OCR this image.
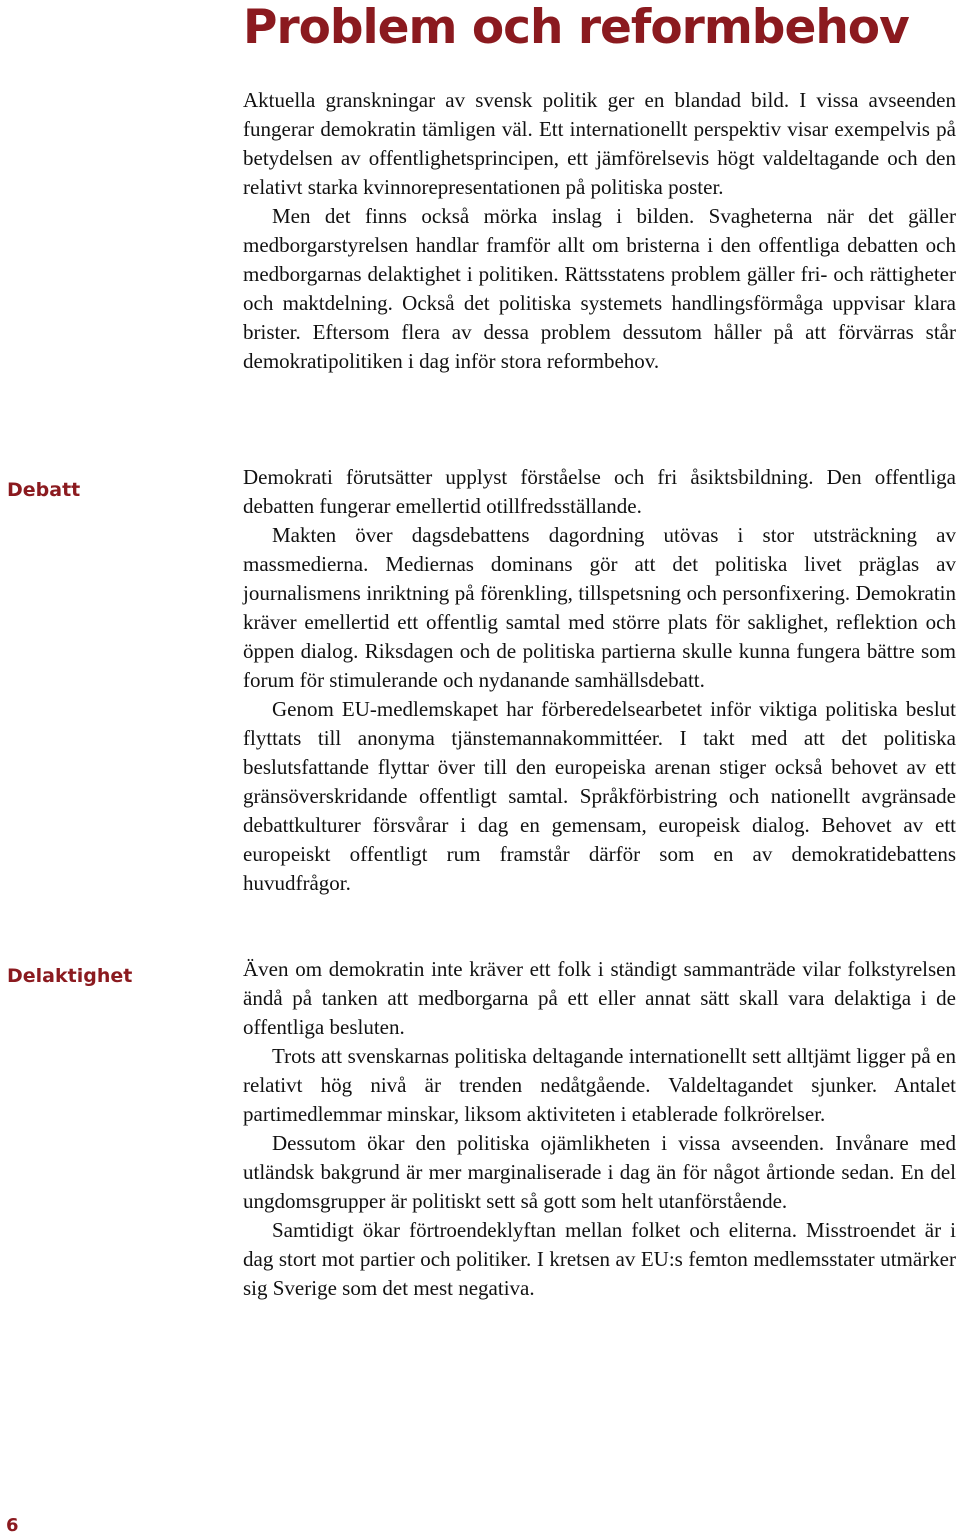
Problem och reformbehov

Aktuella granskningar av svensk politik ger en blandad bild. I vissa avseenden fungerar demokratin tämligen väl. Ett internationellt perspektiv visar exempelvis på betydelsen av offentlighetsprincipen, ett jämförelsevis högt valdeltagande och den relativt starka kvinnorepresentationen på politiska poster.

Men det finns också mörka inslag i bilden. Svagheterna när det gäller medborgarstyrelsen handlar framför allt om bristerna i den offentliga debatten och medborgarnas delaktighet i politiken. Rättsstatens problem gäller fri- och rättigheter och maktdelning. Också det politiska systemets handlingsförmåga uppvisar klara brister. Eftersom flera av dessa problem dessutom håller på att förvärras står demokratipolitiken i dag inför stora reformbehov.

Debatt

Demokrati förutsätter upplyst förståelse och fri åsiktsbildning. Den offentliga debatten fungerar emellertid otillfredsställande.

Makten över dagsdebattens dagordning utövas i stor utsträckning av massmedierna. Mediernas dominans gör att det politiska livet präglas av journalismens inriktning på förenkling, tillspetsning och personfixering. Demokratin kräver emellertid ett offentlig samtal med större plats för saklighet, reflektion och öppen dialog. Riksdagen och de politiska partierna skulle kunna fungera bättre som forum för stimulerande och nydanande samhällsdebatt.

Genom EU-medlemskapet har förberedelsearbetet inför viktiga politiska beslut flyttats till anonyma tjänstemannakommittéer. I takt med att det politiska beslutsfattande flyttar över till den europeiska arenan stiger också behovet av ett gränsöverskridande offentligt samtal. Språkförbistring och nationellt avgränsade debattkulturer försvårar i dag en gemensam, europeisk dialog. Behovet av ett europeiskt offentligt rum framstår därför som en av demokratidebattens huvudfrågor.

Delaktighet	Även om demokratin inte kräver ett folk i ständigt sammanträde vilar folkstyrelsen ändå på tanken att medborgarna på ett eller annat sätt skall vara delaktiga i de offentliga besluten.

Trots att svenskarnas politiska deltagande internationellt sett alltjämt ligger på en relativt hög nivå är trenden nedåtgående. Valdeltagandet sjunker. Antalet partimedlemmar minskar, liksom aktiviteten i etablerade folkrörelser.

Dessutom ökar den politiska ojämlikheten i vissa avseenden. Invånare med utländsk bakgrund är mer marginaliserade i dag än för något årtionde sedan. En del ungdomsgrupper är politiskt sett så gott som helt utanförstående.

Samtidigt ökar förtroendeklyftan mellan folket och eliterna. Misstroendet är i dag stort mot partier och politiker. I kretsen av EU:s femton medlemsstater utmärker sig Sverige som det mest negativa.

6
